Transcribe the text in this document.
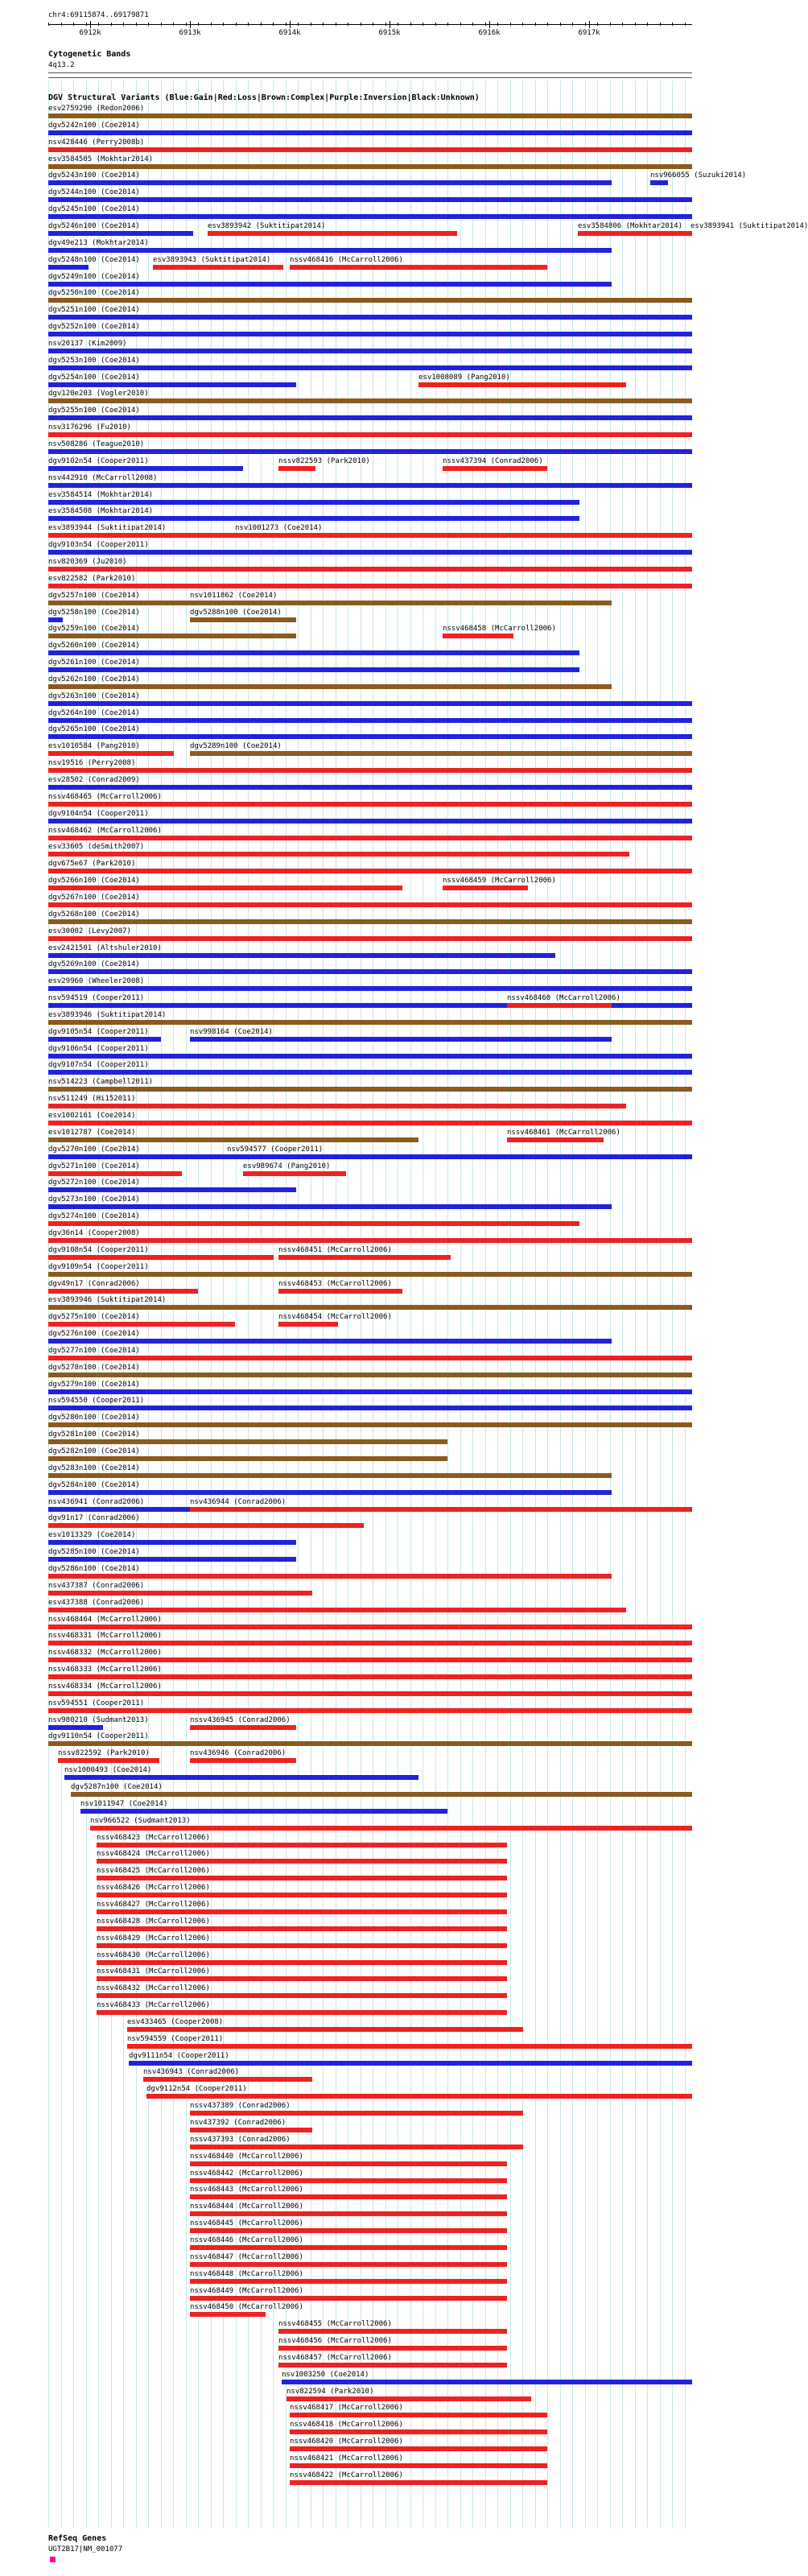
chr4:69115874..69179871
6912k	6913k	6914k	6915k	6916k	6917k
Cytogenetic Bands
4q13.2
DGV Structural Variants (Blue:Gain|Red:Loss|Brown:Complex|Purple:Inversion|Black:Unknown)
esv2759290 (Redon2006)
dgv5242n100 (Coe2014)
nsv428446 (Perry2008b)
esv3584505 (Mokhtar2014)
dgv5243n100 (Coe2014)	nsv966055 (Suzuki2014)
dgv5244n100 (Coe2014)
dgv5245n100 (Coe2014)
dgv5246n100 (Coe2014)	esv3893942 (Suktitipat2014)	esv3584806 (Mokhtar2014) esv3893941 (Suktitipat2014)
dgv49e213 (Mokhtar2014)
dgv5248n100 (Coe2014) esv3893943 (Suktitipat2014)	nssv468416 (McCarroll2006)
dgv5249n100 (Coe2014)
dgv5250n100 (Coe2014)
dgv5251n100 (Coe2014)
dgv5252n100 (Coe2014)
nsv20137 (Kim2009)
dgv5253n100 (Coe2014)
dgv5254n100 (Coe2014)	esv1008089 (Pang2010)
dgv120e203 (Vogler2010)
dgv5255n100 (Coe2014)
nsv3176296 (Fu2010)
nsv508286 (Teague2010)
dgv9102n54 (Cooper2011)	nssv822593 (Park2010)	nssv437394 (Conrad2006)
nsv442910 (McCarroll2008)
esv3584514 (Mokhtar2014)
esv3584508 (Mokhtar2014)
esv3893944 (Suktitipat2014)	nsv1001273 (Coe2014)
dgv9103n54 (Cooper2011)
nsv820369 (Ju2010)
esv822582 (Park2010)
dgv5257n100 (Coe2014)	nsv1011862 (Coe2014)
dgv5258n100 (Coe2014)	dgv5288n100 (Coe2014)
dgv5259n100 (Coe2014)	nssv468458 (McCarroll2006)
dgv5260n100 (Coe2014)
dgv5261n100 (Coe2014)
dgv5262n100 (Coe2014)
dgv5263n100 (Coe2014)
dgv5264n100 (Coe2014)
dgv5265n100 (Coe2014)
esv1010584 (Pang2010)	dgv5289n100 (Coe2014)
nsv19516 (Perry2008)
esv28502 (Conrad2009)
nssv468465 (McCarroll2006)
dgv9104n54 (Cooper2011)
nssv468462 (McCarroll2006)
esv33605 (deSmith2007)
dgv675e67 (Park2010)
dgv5266n100 (Coe2014)	nssv468459 (McCarroll2006)
dgv5267n100 (Coe2014)
dgv5268n100 (Coe2014)
esv30002 (Levy2007)
esv2421501 (Altshuler2010)
dgv5269n100 (Coe2014)
esv29960 (Wheeler2008)
nsv594519 (Cooper2011)	nssv468460 (McCarroll2006)
esv3893946 (Suktitipat2014)
dgv9105n54 (Cooper2011)	nsv998164 (Coe2014)
dgv9106n54 (Cooper2011)
dgv9107n54 (Cooper2011)
nsv514223 (Campbell2011)
nsv511249 (Hi152011)
esv1002161 (Coe2014)
esv1012787 (Coe2014)	nssv468461 (McCarroll2006)
dgv5270n100 (Coe2014)	nsv594577 (Cooper2011)
dgv5271n100 (Coe2014)	esv989674 (Pang2010)
dgv5272n100 (Coe2014)
dgv5273n100 (Coe2014)
dgv5274n100 (Coe2014)
dgv36n14 (Cooper2008)
dgv9108n54 (Cooper2011)	nssv468451 (McCarroll2006)
dgv9109n54 (Cooper2011)
dgv49n17 (Conrad2006)	nssv468453 (McCarroll2006)
esv3893946 (Suktitipat2014)
dgv5275n100 (Coe2014)	nssv468454 (McCarroll2006)
dgv5276n100 (Coe2014)
dgv5277n100 (Coe2014)
dgv5278n100 (Coe2014)
dgv5279n100 (Coe2014)
nsv594550 (Cooper2011)
dgv5280n100 (Coe2014)
dgv5281n100 (Coe2014)
dgv5282n100 (Coe2014)
dgv5283n100 (Coe2014)
dgv5284n100 (Coe2014)
nsv436941 (Conrad2006)	nsv436944 (Conrad2006)
dgv91n17 (Conrad2006)
esv1013329 (Coe2014)
dgv5285n100 (Coe2014)
dgv5286n100 (Coe2014)
nsv437387 (Conrad2006)
esv437388 (Conrad2006)
nssv468464 (McCarroll2006)
nssv468331 (McCarroll2006)
nssv468332 (McCarroll2006)
nssv468333 (McCarroll2006)
nssv468334 (McCarroll2006)
nsv594551 (Cooper2011)
nsv980210 (Sudmant2013)	nssv436945 (Conrad2006)
dgv9110n54 (Cooper2011)
nssv822592 (Park2010)	nsv436946 (Conrad2006)
nsv1000493 (Coe2014)
dgv5287n100 (Coe2014)
nsv1011947 (Coe2014)
nsv966522 (Sudmant2013)
nssv468423 (McCarroll2006)
nssv468424 (McCarroll2006)
nssv468425 (McCarroll2006)
nssv468426 (McCarroll2006)
nssv468427 (McCarroll2006)
nssv468428 (McCarroll2006)
nssv468429 (McCarroll2006)
nssv468430 (McCarroll2006)
nssv468431 (McCarroll2006)
nssv468432 (McCarroll2006)
nssv468433 (McCarroll2006)
esv433465 (Cooper2008)
nsv594559 (Cooper2011)
dgv9111n54 (Cooper2011)
nsv436943 (Conrad2006)
dgv9112n54 (Cooper2011)
nssv437389 (Conrad2006)
nsv437392 (Conrad2006)
nssv437393 (Conrad2006)
nssv468440 (McCarroll2006)
nssv468442 (McCarroll2006)
nssv468443 (McCarroll2006)
nssv468444 (McCarroll2006)
nssv468445 (McCarroll2006)
nssv468446 (McCarroll2006)
nssv468447 (McCarroll2006)
nssv468448 (McCarroll2006)
nssv468449 (McCarroll2006)
nssv468450 (McCarroll2006)
nssv468455 (McCarroll2006)
nssv468456 (McCarroll2006)
nssv468457 (McCarroll2006)
nsv1003250 (Coe2014)
nsv822594 (Park2010)
nssv468417 (McCarroll2006)
nssv468418 (McCarroll2006)
nssv468420 (McCarroll2006)
nssv468421 (McCarroll2006)
nssv468422 (McCarroll2006)
RefSeq Genes
UGT2B17|NM_001077
